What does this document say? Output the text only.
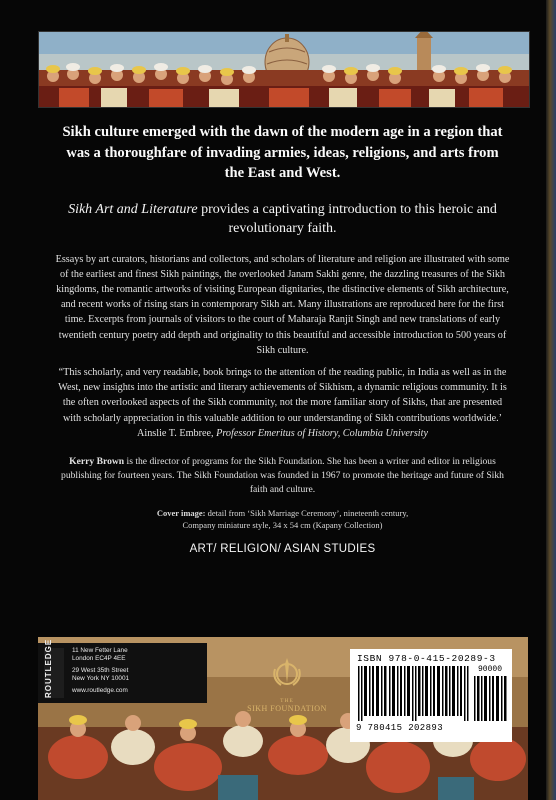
Sikh culture emerged with the dawn of the modern age in a region that was a thoroughfare of invading armies, ideas, religions, and arts from the East and West.

Sikh Art and Literature provides a captivating introduction to this heroic and revolutionary faith.

Essays by art curators, historians and collectors, and scholars of literature and religion are illustrated with some of the earliest and finest Sikh paintings, the overlooked Janam Sakhi genre, the dazzling treasures of the Sikh kingdoms, the romantic artworks of visiting European dignitaries, the distinctive elements of Sikh architecture, and recent works of rising stars in contemporary Sikh art. Many illustrations are reproduced here for the first time. Excerpts from journals of visitors to the court of Maharaja Ranjit Singh and new translations of early twentieth century poetry add depth and originality to this beautiful and accessible introduction to 500 years of Sikh culture.

“This scholarly, and very readable, book brings to the attention of the reading public, in India as well as in the West, new insights into the artistic and literary achievements of Sikhism, a dynamic religious community. It is the often overlooked aspects of the Sikh community, not the more familiar story of Sikhs, that are presented with scholarly appreciation in this valuable addition to our understanding of Sikh contributions worldwide.’

Ainslie T. Embree, Professor Emeritus of History, Columbia University

Kerry Brown is the director of programs for the Sikh Foundation. She has been a writer and editor in religious publishing for fourteen years. The Sikh Foundation was founded in 1967 to promote the heritage and future of Sikh faith and culture.

Cover image: detail from ‘Sikh Marriage Ceremony’, nineteenth century,
Company miniature style, 34 x 54 cm (Kapany Collection)

ART/ RELIGION/ ASIAN STUDIES

ROUTLEDGE	11 New Fetter Lane
London EC4P 4EE
29 West 35th Street
New York NY 10001
www.routledge.com
THE
SIKH FOUNDATION
ISBN 978-0-415-20289-3
90000
9 780415 202893
